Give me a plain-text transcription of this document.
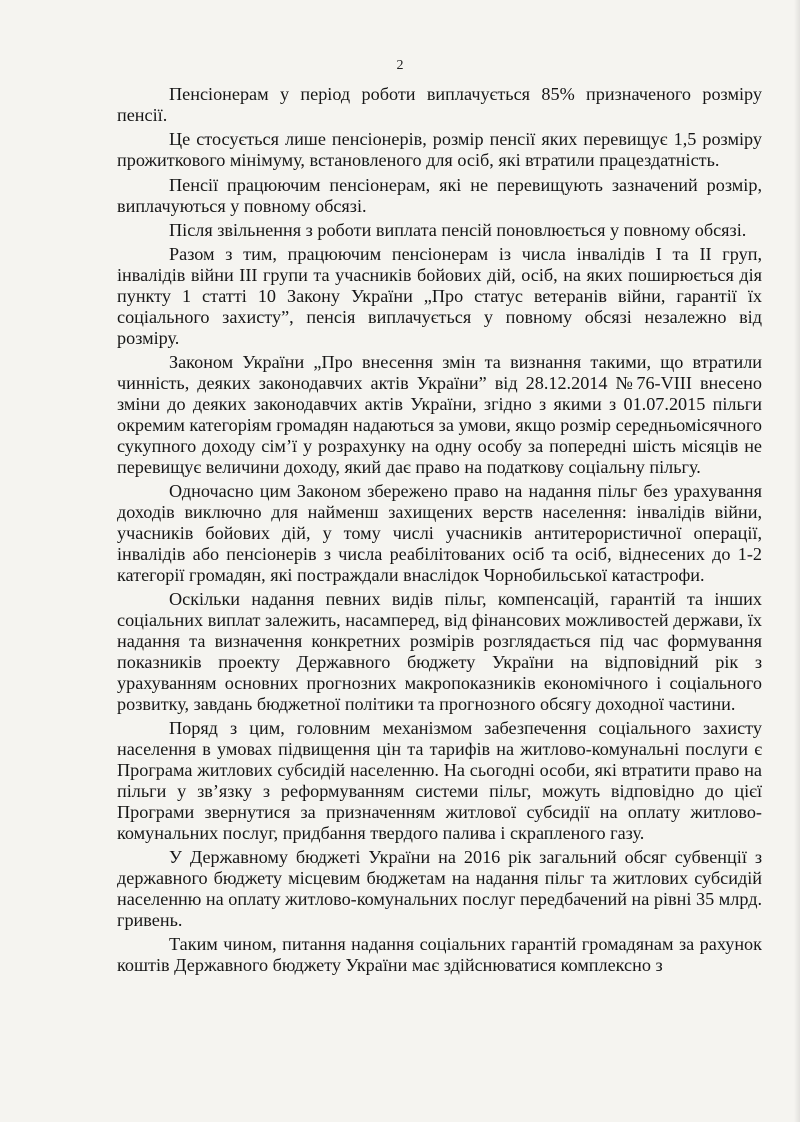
2

Пенсіонерам у період роботи виплачується 85% призначеного розміру пенсії.

Це стосується лише пенсіонерів, розмір пенсії яких перевищує 1,5 розміру прожиткового мінімуму, встановленого для осіб, які втратили працездатність.

Пенсії працюючим пенсіонерам, які не перевищують зазначений розмір, виплачуються у повному обсязі.

Після звільнення з роботи виплата пенсій поновлюється у повному обсязі.

Разом з тим, працюючим пенсіонерам із числа інвалідів І та ІІ груп, інвалідів війни ІІІ групи та учасників бойових дій, осіб, на яких поширюється дія пункту 1 статті 10 Закону України „Про статус ветеранів війни, гарантії їх соціального захисту”, пенсія виплачується у повному обсязі незалежно від розміру.

Законом України „Про внесення змін та визнання такими, що втратили чинність, деяких законодавчих актів України” від 28.12.2014 №76-VIII внесено зміни до деяких законодавчих актів України, згідно з якими з 01.07.2015 пільги окремим категоріям громадян надаються за умови, якщо розмір середньомісячного сукупного доходу сім’ї у розрахунку на одну особу за попередні шість місяців не перевищує величини доходу, який дає право на податкову соціальну пільгу.

Одночасно цим Законом збережено право на надання пільг без урахування доходів виключно для найменш захищених верств населення: інвалідів війни, учасників бойових дій, у тому числі учасників антитерористичної операції, інвалідів або пенсіонерів з числа реабілітованих осіб та осіб, віднесених до 1-2 категорії громадян, які постраждали внаслідок Чорнобильської катастрофи.

Оскільки надання певних видів пільг, компенсацій, гарантій та інших соціальних виплат залежить, насамперед, від фінансових можливостей держави, їх надання та визначення конкретних розмірів розглядається під час формування показників проекту Державного бюджету України на відповідний рік з урахуванням основних прогнозних макропоказників економічного і соціального розвитку, завдань бюджетної політики та прогнозного обсягу доходної частини.

Поряд з цим, головним механізмом забезпечення соціального захисту населення в умовах підвищення цін та тарифів на житлово-комунальні послуги є Програма житлових субсидій населенню. На сьогодні особи, які втратити право на пільги у зв’язку з реформуванням системи пільг, можуть відповідно до цієї Програми звернутися за призначенням житлової субсидії на оплату житлово-комунальних послуг, придбання твердого палива і скрапленого газу.

У Державному бюджеті України на 2016 рік загальний обсяг субвенції з державного бюджету місцевим бюджетам на надання пільг та житлових субсидій населенню на оплату житлово-комунальних послуг передбачений на рівні 35 млрд. гривень.

Таким чином, питання надання соціальних гарантій громадянам за рахунок коштів Державного бюджету України має здійснюватися комплексно з
